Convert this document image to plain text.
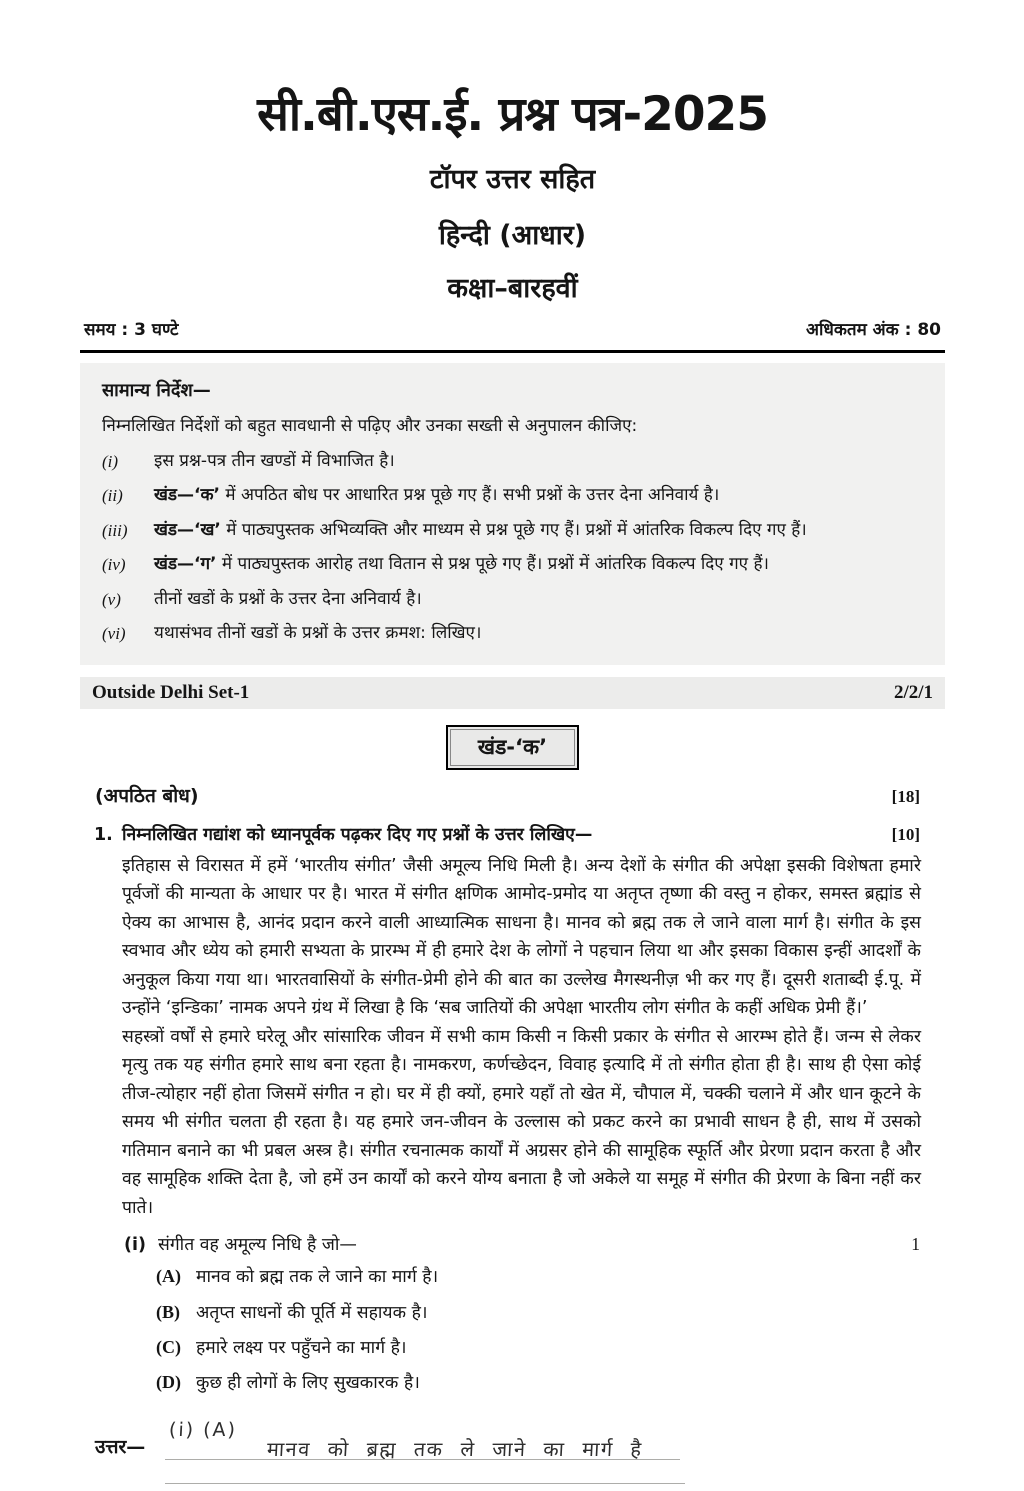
सी.बी.एस.ई. प्रश्न पत्र-2025
टॉपर उत्तर सहित
हिन्दी (आधार)
कक्षा–बारहवीं
समय : 3 घण्टे	अधिकतम अंक : 80
सामान्य निर्देश—
निम्नलिखित निर्देशों को बहुत सावधानी से पढ़िए और उनका सख्ती से अनुपालन कीजिए:
(i)	इस प्रश्न-पत्र तीन खण्डों में विभाजित है।
(ii)	खंड—‘क’ में अपठित बोध पर आधारित प्रश्न पूछे गए हैं। सभी प्रश्नों के उत्तर देना अनिवार्य है।
(iii)	खंड—‘ख’ में पाठ्यपुस्तक अभिव्यक्ति और माध्यम से प्रश्न पूछे गए हैं। प्रश्नों में आंतरिक विकल्प दिए गए हैं।
(iv)	खंड—‘ग’ में पाठ्यपुस्तक आरोह तथा वितान से प्रश्न पूछे गए हैं। प्रश्नों में आंतरिक विकल्प दिए गए हैं।
(v)	तीनों खडों के प्रश्नों के उत्तर देना अनिवार्य है।
(vi)	यथासंभव तीनों खडों के प्रश्नों के उत्तर क्रमश: लिखिए।
Outside Delhi Set-1	2/2/1
खंड-‘क’
(अपठित बोध)	[18]
1. निम्नलिखित गद्यांश को ध्यानपूर्वक पढ़कर दिए गए प्रश्नों के उत्तर लिखिए—	[10]

इतिहास से विरासत में हमें ‘भारतीय संगीत’ जैसी अमूल्य निधि मिली है। अन्य देशों के संगीत की अपेक्षा इसकी विशेषता हमारे पूर्वजों की मान्यता के आधार पर है। भारत में संगीत क्षणिक आमोद-प्रमोद या अतृप्त तृष्णा की वस्तु न होकर, समस्त ब्रह्मांड से ऐक्य का आभास है, आनंद प्रदान करने वाली आध्यात्मिक साधना है। मानव को ब्रह्म तक ले जाने वाला मार्ग है। संगीत के इस स्वभाव और ध्येय को हमारी सभ्यता के प्रारम्भ में ही हमारे देश के लोगों ने पहचान लिया था और इसका विकास इन्हीं आदर्शों के अनुकूल किया गया था। भारतवासियों के संगीत-प्रेमी होने की बात का उल्लेख मैगस्थनीज़ भी कर गए हैं। दूसरी शताब्दी ई.पू. में उन्होंने ‘इन्डिका’ नामक अपने ग्रंथ में लिखा है कि ‘सब जातियों की अपेक्षा भारतीय लोग संगीत के कहीं अधिक प्रेमी हैं।’

सहस्त्रों वर्षों से हमारे घरेलू और सांसारिक जीवन में सभी काम किसी न किसी प्रकार के संगीत से आरम्भ होते हैं। जन्म से लेकर मृत्यु तक यह संगीत हमारे साथ बना रहता है। नामकरण, कर्णच्छेदन, विवाह इत्यादि में तो संगीत होता ही है। साथ ही ऐसा कोई तीज-त्योहार नहीं होता जिसमें संगीत न हो। घर में ही क्यों, हमारे यहाँ तो खेत में, चौपाल में, चक्की चलाने में और धान कूटने के समय भी संगीत चलता ही रहता है। यह हमारे जन-जीवन के उल्लास को प्रकट करने का प्रभावी साधन है ही, साथ में उसको गतिमान बनाने का भी प्रबल अस्त्र है। संगीत रचनात्मक कार्यों में अग्रसर होने की सामूहिक स्फूर्ति और प्रेरणा प्रदान करता है और वह सामूहिक शक्ति देता है, जो हमें उन कार्यों को करने योग्य बनाता है जो अकेले या समूह में संगीत की प्रेरणा के बिना नहीं कर पाते।

(i) संगीत वह अमूल्य निधि है जो—	1
(A) मानव को ब्रह्म तक ले जाने का मार्ग है।
(B) अतृप्त साधनों की पूर्ति में सहायक है।
(C) हमारे लक्ष्य पर पहुँचने का मार्ग है।
(D) कुछ ही लोगों के लिए सुखकारक है।
उत्तर—
(i) (A)
मानव को ब्रह्म तक ले जाने का मार्ग है
